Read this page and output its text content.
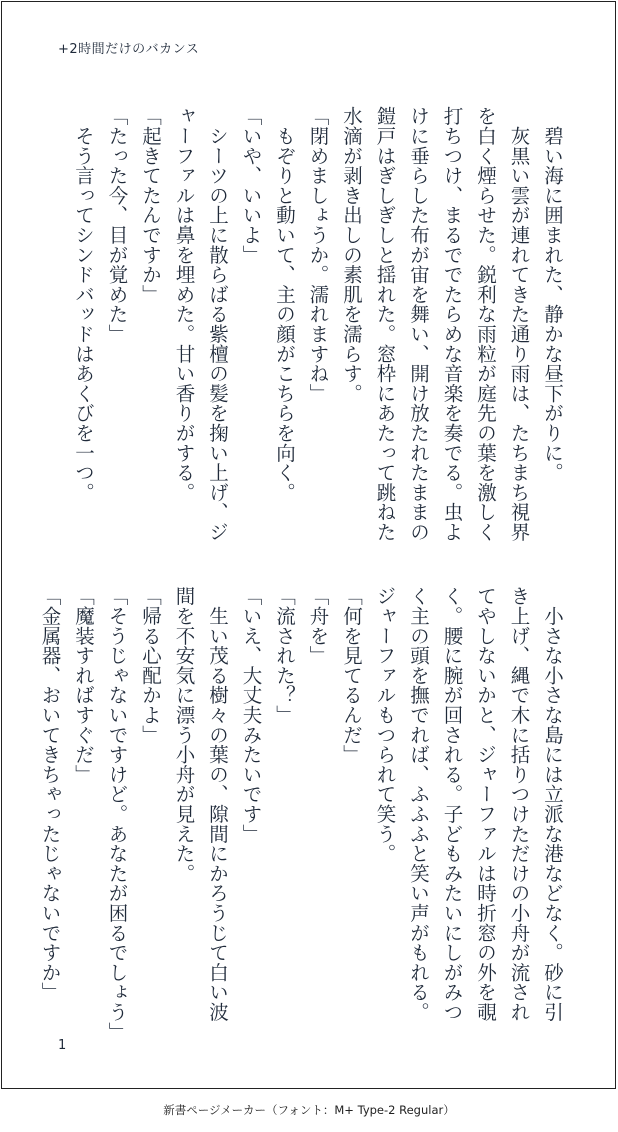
+2時間だけのバカンス
　碧い海に囲まれた、静かな昼下がりに。
　灰黒い雲が連れてきた通り雨は、たちまち視界
を白く煙らせた。鋭利な雨粒が庭先の葉を激しく
打ちつけ、まるででたらめな音楽を奏でる。虫よ
けに垂らした布が宙を舞い、開け放たれたままの
鎧戸はぎしぎしと揺れた。窓枠にあたって跳ねた
水滴が剥き出しの素肌を濡らす。
「閉めましょうか。濡れますね」
　もぞりと動いて、主の顔がこちらを向く。
「いや、いいよ」
　シーツの上に散らばる紫檀の髪を掬い上げ、ジ
ャーファルは鼻を埋めた。甘い香りがする。
「起きてたんですか」
「たった今、目が覚めた」
　そう言ってシンドバッドはあくびを一つ。
　小さな小さな島には立派な港などなく。砂に引
き上げ、縄で木に括りつけただけの小舟が流され
てやしないかと、ジャーファルは時折窓の外を覗
く。腰に腕が回される。子どもみたいにしがみつ
く主の頭を撫でれば、ふふふと笑い声がもれる。
ジャーファルもつられて笑う。
「何を見てるんだ」
「舟を」
「流された？」
「いえ、大丈夫みたいです」
　生い茂る樹々の葉の、隙間にかろうじて白い波
間を不安気に漂う小舟が見えた。
「帰る心配かよ」
「そうじゃないですけど。あなたが困るでしょう」
「魔装すればすぐだ」
「金属器、おいてきちゃったじゃないですか」
1
新書ページメーカー（フォント：M+ Type-2 Regular）
